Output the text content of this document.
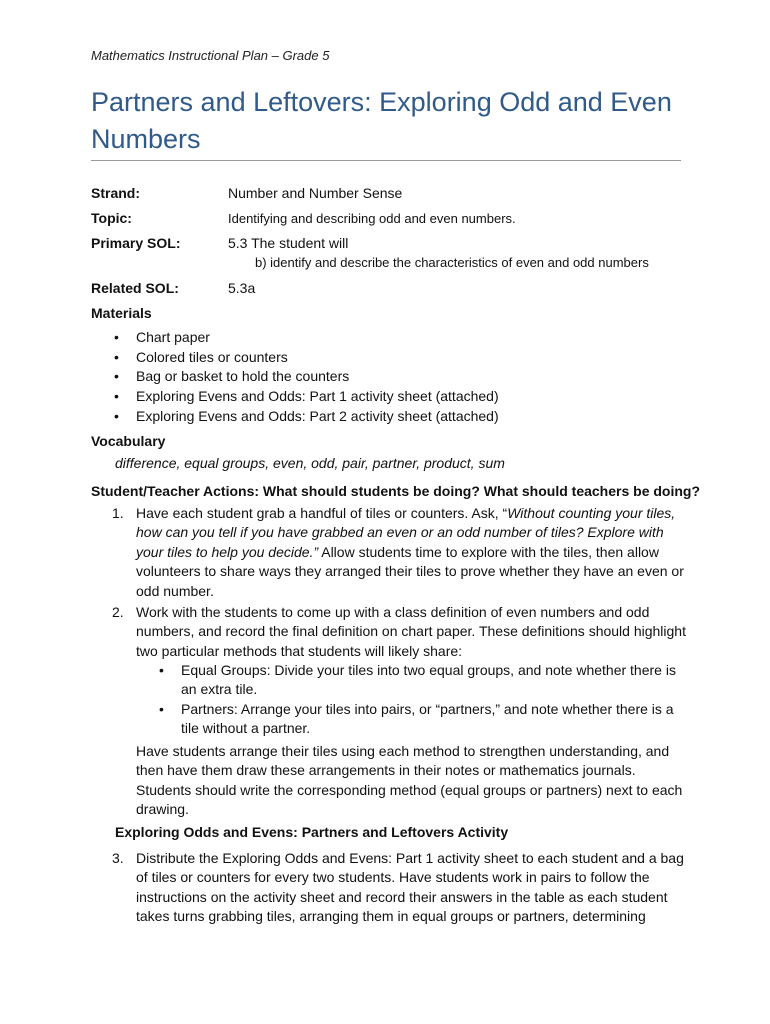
Mathematics Instructional Plan – Grade 5
Partners and Leftovers: Exploring Odd and Even Numbers
Strand:	Number and Number Sense
Topic:	Identifying and describing odd and even numbers.
Primary SOL:	5.3 The student will
b) identify and describe the characteristics of even and odd numbers
Related SOL:	5.3a
Materials
• Chart paper
• Colored tiles or counters
• Bag or basket to hold the counters
• Exploring Evens and Odds: Part 1 activity sheet (attached)
• Exploring Evens and Odds: Part 2 activity sheet (attached)
Vocabulary
difference, equal groups, even, odd, pair, partner, product, sum
Student/Teacher Actions: What should students be doing? What should teachers be doing?
1. Have each student grab a handful of tiles or counters. Ask, “Without counting your tiles, how can you tell if you have grabbed an even or an odd number of tiles? Explore with your tiles to help you decide.” Allow students time to explore with the tiles, then allow volunteers to share ways they arranged their tiles to prove whether they have an even or odd number.
2. Work with the students to come up with a class definition of even numbers and odd numbers, and record the final definition on chart paper. These definitions should highlight two particular methods that students will likely share:
• Equal Groups: Divide your tiles into two equal groups, and note whether there is an extra tile.
• Partners: Arrange your tiles into pairs, or “partners,” and note whether there is a tile without a partner.
Have students arrange their tiles using each method to strengthen understanding, and then have them draw these arrangements in their notes or mathematics journals. Students should write the corresponding method (equal groups or partners) next to each drawing.
Exploring Odds and Evens: Partners and Leftovers Activity
3. Distribute the Exploring Odds and Evens: Part 1 activity sheet to each student and a bag of tiles or counters for every two students. Have students work in pairs to follow the instructions on the activity sheet and record their answers in the table as each student takes turns grabbing tiles, arranging them in equal groups or partners, determining
